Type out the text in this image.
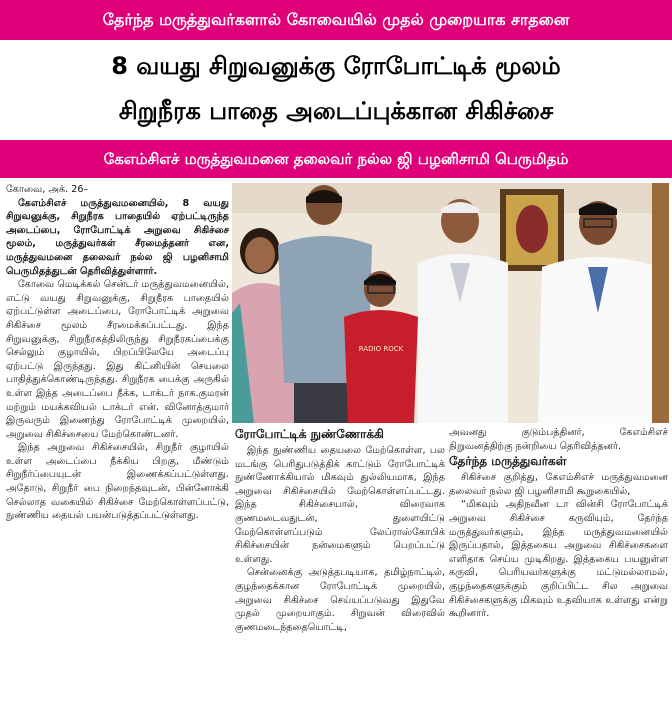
தேர்ந்த மருத்துவர்களால் கோவையில் முதல் முறையாக சாதனை
8 வயது சிறுவனுக்கு ரோபோட்டிக் மூலம்
சிறுநீரக பாதை அடைப்புக்கான சிகிச்சை
கேஎம்சிஎச் மருத்துவமனை தலைவர் நல்ல ஜி பழனிசாமி பெருமிதம்

கோவை, அக். 26–

கேஎம்சிஎச் மருத்துவமனையில், 8 வயது சிறுவனுக்கு, சிறுநீரக பாதையில் ஏற்பட்டிருந்த அடைப்பை, ரோபோட்டிக் அறுவை சிகிச்சை மூலம், மருத்துவர்கள் சீரமைத்தனர் என, மருத்துவமனை தலைவர் நல்ல ஜி பழனிசாமி பெருமிதத்துடன் தெரிவித்துள்ளார்.

கோவை மெடிக்கல் சென்டர் மருத்துவமனையில், எட்டு வயது சிறுவனுக்கு, சிறுநீரக பாதையில் ஏற்பட்டுள்ள அடைப்பை, ரோபோட்டிக் அறுவை சிகிச்சை மூலம் சீரமைக்கப்பட்டது. இந்த சிறுவனுக்கு, சிறுநீரகத்திலிருந்து சிறுநீரகப்பைக்கு செல்லும் குழாயில், பிறப்பிலேயே அடைப்பு ஏற்பட்டு இருந்தது. இது கிட்னியின் செயலை பாதித்துக்கொண்டிருந்தது. சிறுநீரக பைக்கு அருகில் உள்ள இந்த அடைப்பை நீக்க, டாக்டர் நாக.குமரன் மற்றும் மயக்கவியல் டாக்டர் என். வினோத்குமார் இருவரும் இணைந்து ரோபோட்டிக் முறையில், அறுவை சிகிச்சையை மேற்கொண்டனர்.

இந்த அறுவை சிகிச்சையில், சிறுநீர் குழாயில் உள்ள அடைப்பை நீக்கிய பிறகு, மீண்டும் சிறுநீர்ப்பையுடன் இணைக்கப்பட்டுள்ளது. அதோடு, சிறுநீர் பை நிறைந்தவுடன், பின்னோக்கி செல்லாத வகையில் சிகிச்சை மேற்கொள்ளப்பட்டு, நுண்ணிய தையல் பயன்படுத்தப்பட்டுள்ளது.

RADIO ROCK
ரோபோட்டிக் நுண்ணோக்கி

இந்த நுண்ணிய தையலை மேற்கொள்ள, பல மடங்கு பெரிதுபடுத்திக் காட்டும் ரோபோட்டிக் நுண்ணோக்கியால் மிகவும் துல்லியமாக, இந்த அறுவை சிகிச்சையில் மேற்கொள்ளப்பட்டது. இந்த சிகிச்சையால், விரைவாக குணமடைவதுடன், துளையிட்டு மேற்கொள்ளப்படும் லேப்ராஸ்கோபிக் சிகிச்சையின் நன்மைகளும் பெறப்பட்டு உள்ளது.

சென்னைக்கு அடுத்தபடியாக, தமிழ்நாட்டில், குழந்தைக்கான ரோபோட்டிக் முறையில், அறுவை சிகிச்சை செய்யப்படுவது இதுவே முதல் முறையாகும். சிறுவன் விரைவில் குணமடைந்ததையொட்டி,

அவனது குடும்பத்தினர், கேஎம்சிஎச் நிறுவனத்திற்கு நன்றியை தெரிவித்தனர்.

தேர்ந்த மருத்துவர்கள்

சிகிச்சை குறித்து, கேஎம்சிஎச் மருத்துவமனை தலைவர் நல்ல ஜி பழனிசாமி கூறுகையில்,

“மிகவும் அதிநவீன டா வின்சி ரோபோட்டிக் அறுவை சிகிச்சை கருவியும், தேர்ந்த மருத்துவர்களும், இந்த மருத்துவமனையில் இருப்பதால், இத்தகைய அறுவை சிகிச்சைகளை எளிதாக செய்ய முடிகிறது. இத்தகைய பயனுள்ள கருவி, பெரியவர்களுக்கு மட்டுமல்லாமல், குழந்தைகளுக்கும் குறிப்பிட்ட சில அறுவை சிகிச்சைகளுக்கு மிகவும் உதவியாக உள்ளது என்று கூறினார்.
